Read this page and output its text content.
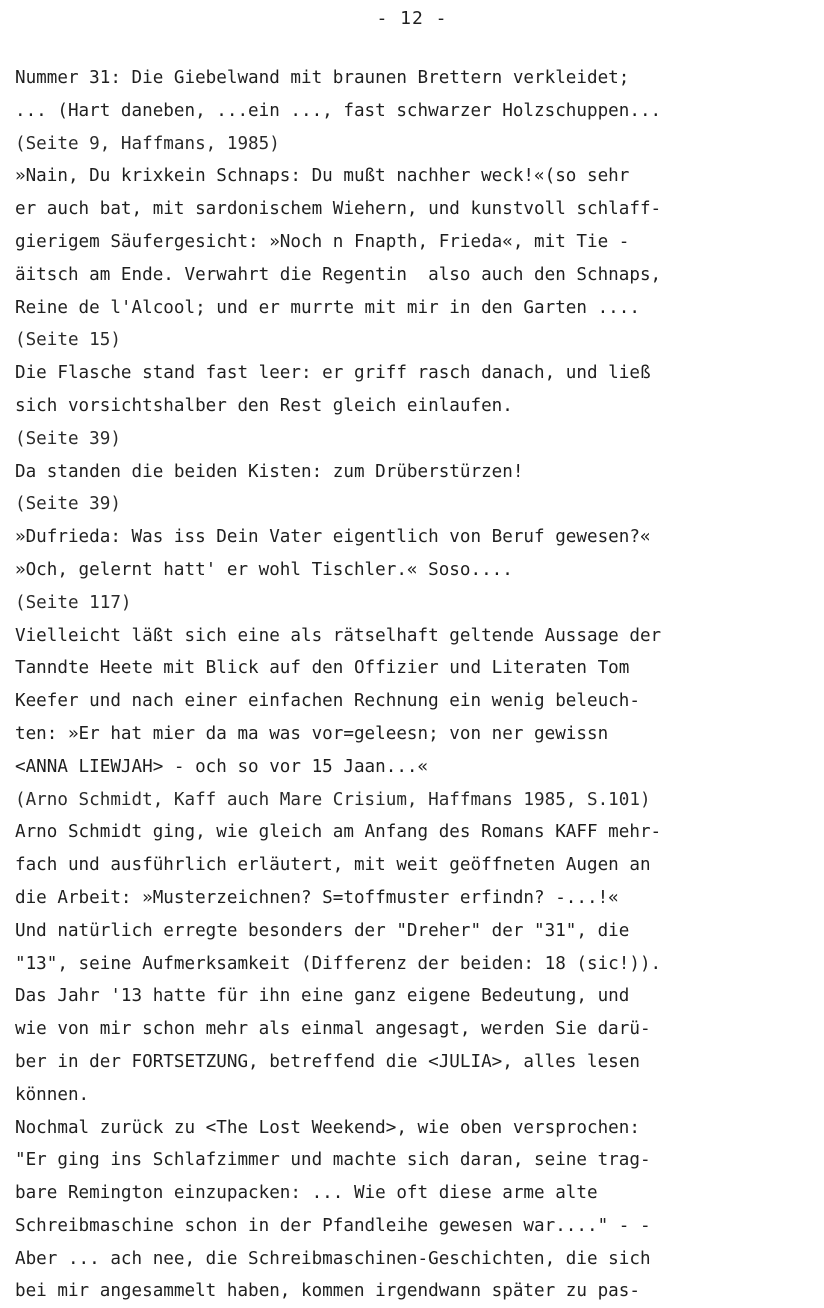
- 12 -
Nummer 31: Die Giebelwand mit braunen Brettern verkleidet;
... (Hart daneben, ...ein ..., fast schwarzer Holzschuppen...
(Seite 9, Haffmans, 1985)
»Nain, Du krixkein Schnaps: Du mußt nachher weck!«(so sehr
er auch bat, mit sardonischem Wiehern, und kunstvoll schlaff-
gierigem Säufergesicht: »Noch n Fnapth, Frieda«, mit Tie -
äitsch am Ende. Verwahrt die Regentin  also auch den Schnaps,
Reine de l'Alcool; und er murrte mit mir in den Garten ....
(Seite 15)
Die Flasche stand fast leer: er griff rasch danach, und ließ
sich vorsichtshalber den Rest gleich einlaufen.
(Seite 39)
Da standen die beiden Kisten: zum Drüberstürzen!
(Seite 39)
»Dufrieda: Was iss Dein Vater eigentlich von Beruf gewesen?«
»Och, gelernt hatt' er wohl Tischler.« Soso....
(Seite 117)
Vielleicht läßt sich eine als rätselhaft geltende Aussage der
Tanndte Heete mit Blick auf den Offizier und Literaten Tom
Keefer und nach einer einfachen Rechnung ein wenig beleuch-
ten: »Er hat mier da ma was vor=geleesn; von ner gewissn
<ANNA LIEWJAH> - och so vor 15 Jaan...«
(Arno Schmidt, Kaff auch Mare Crisium, Haffmans 1985, S.101)
Arno Schmidt ging, wie gleich am Anfang des Romans KAFF mehr-
fach und ausführlich erläutert, mit weit geöffneten Augen an
die Arbeit: »Musterzeichnen? S=toffmuster erfindn? -...!«
Und natürlich erregte besonders der "Dreher" der "31", die
"13", seine Aufmerksamkeit (Differenz der beiden: 18 (sic!)).
Das Jahr '13 hatte für ihn eine ganz eigene Bedeutung, und
wie von mir schon mehr als einmal angesagt, werden Sie darü-
ber in der FORTSETZUNG, betreffend die <JULIA>, alles lesen
können.
Nochmal zurück zu <The Lost Weekend>, wie oben versprochen:
"Er ging ins Schlafzimmer und machte sich daran, seine trag-
bare Remington einzupacken: ... Wie oft diese arme alte
Schreibmaschine schon in der Pfandleihe gewesen war...." - -
Aber ... ach nee, die Schreibmaschinen-Geschichten, die sich
bei mir angesammelt haben, kommen irgendwann später zu pas-
